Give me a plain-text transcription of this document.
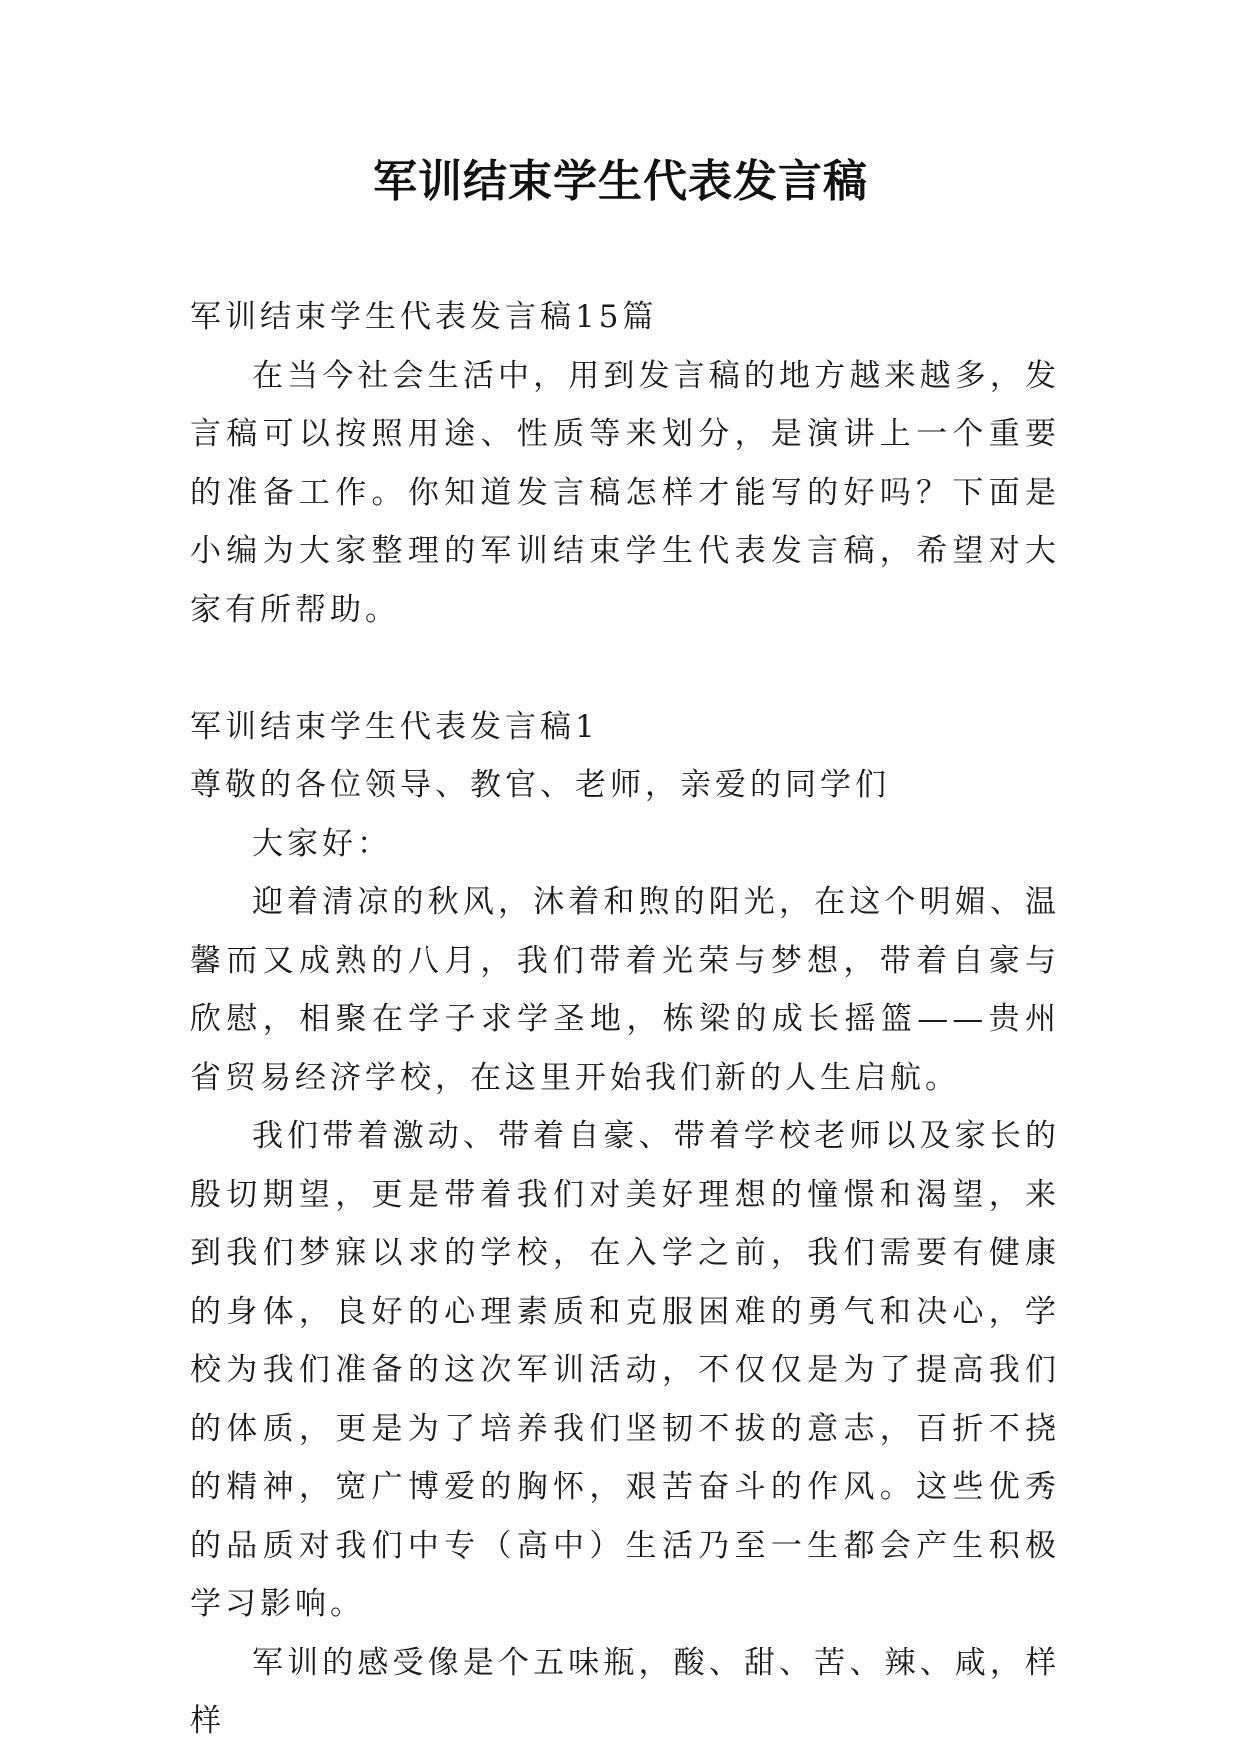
军训结束学生代表发言稿
军训结束学生代表发言稿15篇

在当今社会生活中，用到发言稿的地方越来越多，发言稿可以按照用途、性质等来划分，是演讲上一个重要的准备工作。你知道发言稿怎样才能写的好吗？下面是小编为大家整理的军训结束学生代表发言稿，希望对大家有所帮助。

军训结束学生代表发言稿1
尊敬的各位领导、教官、老师，亲爱的同学们
大家好：

迎着清凉的秋风，沐着和煦的阳光，在这个明媚、温馨而又成熟的八月，我们带着光荣与梦想，带着自豪与欣慰，相聚在学子求学圣地，栋梁的成长摇篮——贵州省贸易经济学校，在这里开始我们新的人生启航。

我们带着激动、带着自豪、带着学校老师以及家长的殷切期望，更是带着我们对美好理想的憧憬和渴望，来到我们梦寐以求的学校，在入学之前，我们需要有健康的身体，良好的心理素质和克服困难的勇气和决心，学校为我们准备的这次军训活动，不仅仅是为了提高我们的体质，更是为了培养我们坚韧不拔的意志，百折不挠的精神，宽广博爱的胸怀，艰苦奋斗的作风。这些优秀的品质对我们中专（高中）生活乃至一生都会产生积极学习影响。

军训的感受像是个五味瓶，酸、甜、苦、辣、咸，样样
